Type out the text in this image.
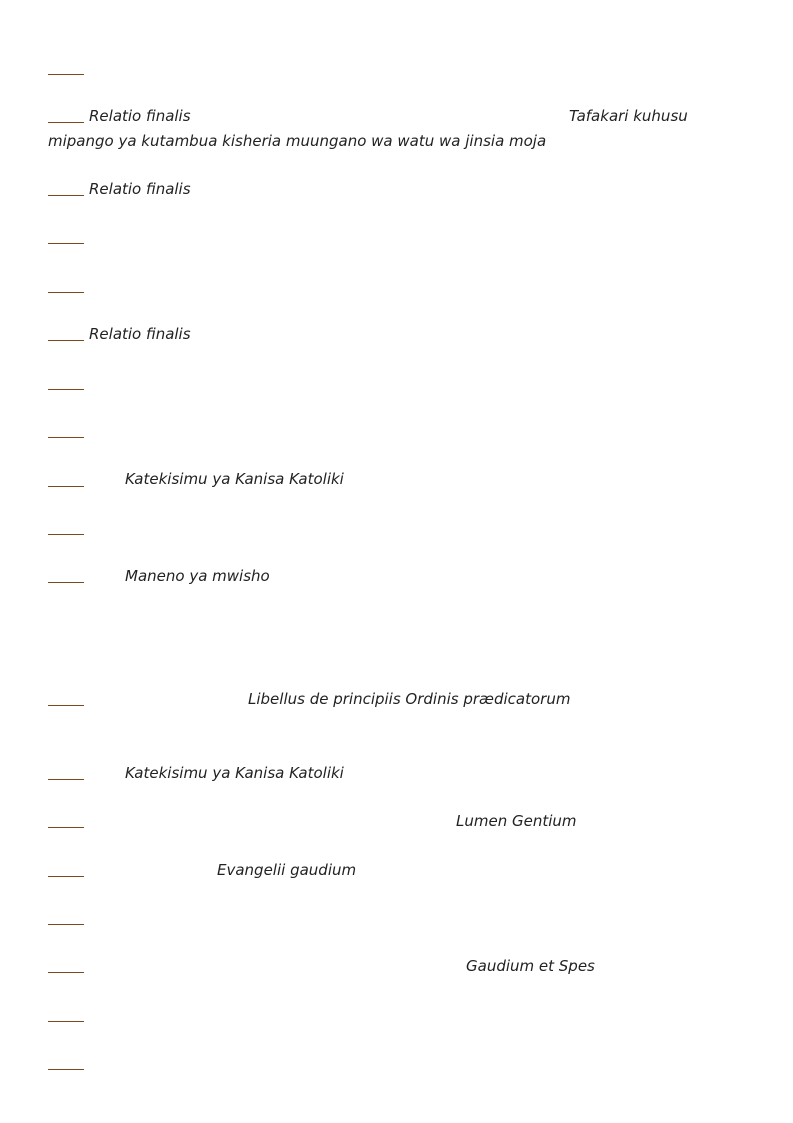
Relatio finalis	Tafakari kuhusu
mipango ya kutambua kisheria muungano wa watu wa jinsia moja
Relatio finalis
Relatio finalis
Katekisimu ya Kanisa Katoliki
Maneno ya mwisho
Libellus de principiis Ordinis prædicatorum
Katekisimu ya Kanisa Katoliki
Lumen Gentium
Evangelii gaudium
Gaudium et Spes
